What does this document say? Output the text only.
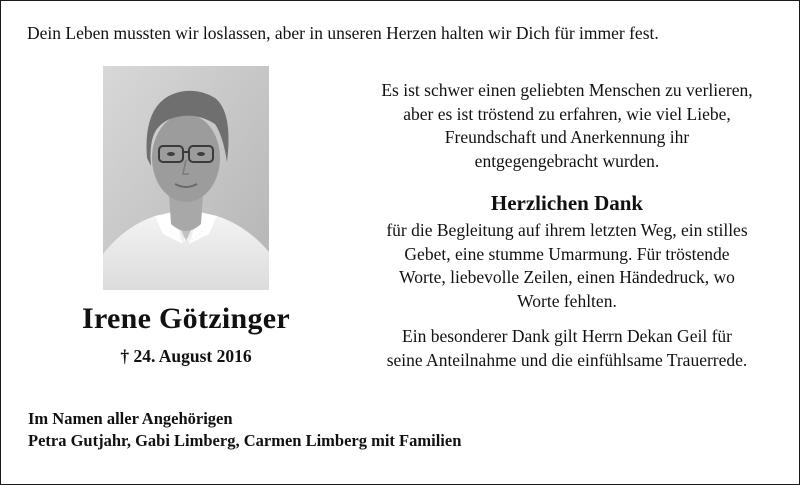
Dein Leben mussten wir loslassen, aber in unseren Herzen halten wir Dich für immer fest.
Irene Götzinger
† 24. August 2016
Es ist schwer einen geliebten Menschen zu verlieren,
aber es ist tröstend zu erfahren, wie viel Liebe,
Freundschaft und Anerkennung ihr
entgegengebracht wurden.
Herzlichen Dank
für die Begleitung auf ihrem letzten Weg, ein stilles
Gebet, eine stumme Umarmung. Für tröstende
Worte, liebevolle Zeilen, einen Händedruck, wo
Worte fehlten.
Ein besonderer Dank gilt Herrn Dekan Geil für
seine Anteilnahme und die einfühlsame Trauerrede.
Im Namen aller Angehörigen
Petra Gutjahr, Gabi Limberg, Carmen Limberg mit Familien
